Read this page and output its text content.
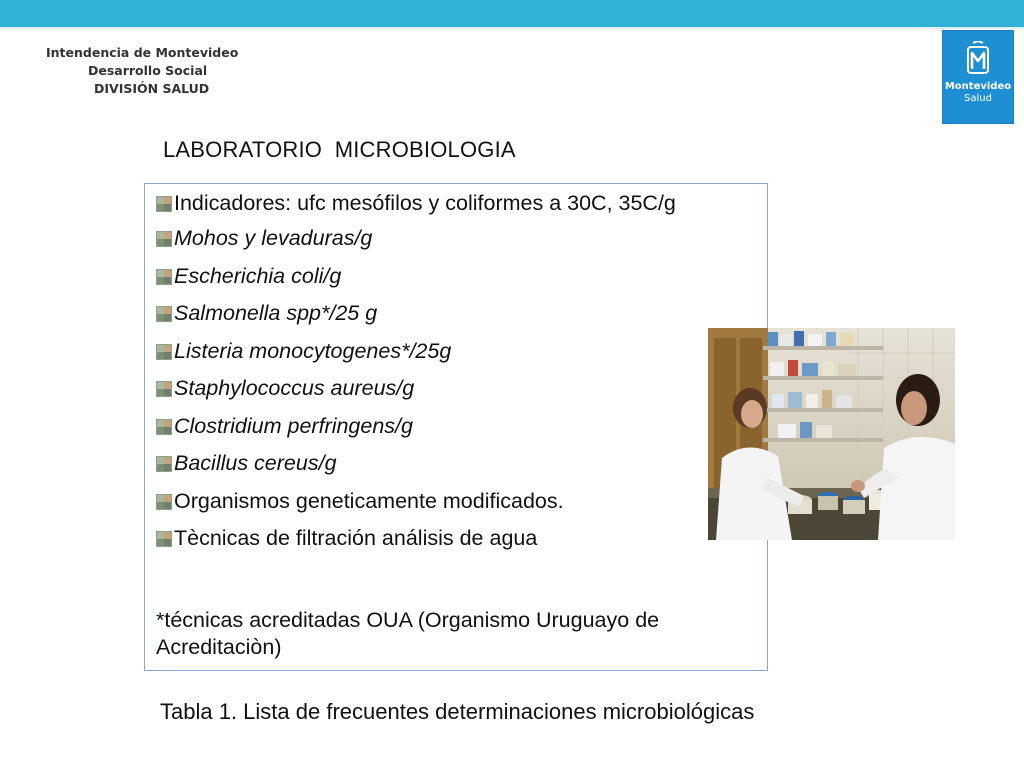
Intendencia de Montevideo
Desarrollo Social
DIVISIÓN SALUD	Montevideo
Salud
LABORATORIO  MICROBIOLOGIA
Indicadores: ufc mesófilos y coliformes a 30C, 35C/g
Mohos y levaduras/g
Escherichia coli/g
Salmonella spp*/25 g
Listeria monocytogenes*/25g
Staphylococcus aureus/g
Clostridium perfringens/g
Bacillus cereus/g
Organismos geneticamente modificados.
Tècnicas de filtración análisis de agua
*técnicas acreditadas OUA (Organismo Uruguayo de Acreditaciòn)
Tabla 1. Lista de frecuentes determinaciones microbiológicas
